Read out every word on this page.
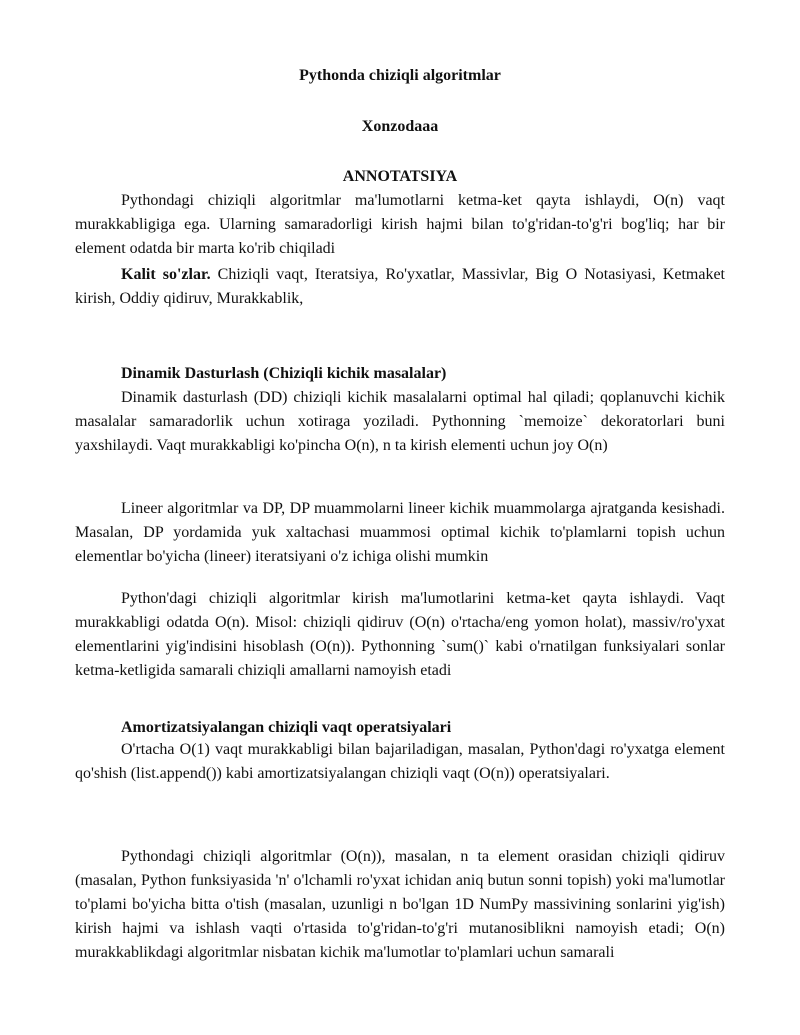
Pythonda chiziqli algoritmlar

Xonzodaaa

ANNOTATSIYA

Pythondagi chiziqli algoritmlar ma'lumotlarni ketma-ket qayta ishlaydi, O(n) vaqt murakkabligiga ega. Ularning samaradorligi kirish hajmi bilan to'g'ridan-to'g'ri bog'liq; har bir element odatda bir marta ko'rib chiqiladi

Kalit so'zlar. Chiziqli vaqt, Iteratsiya, Ro'yxatlar, Massivlar, Big O Notasiyasi, Ketmaket kirish, Oddiy qidiruv, Murakkablik,

Dinamik Dasturlash (Chiziqli kichik masalalar)

Dinamik dasturlash (DD) chiziqli kichik masalalarni optimal hal qiladi; qoplanuvchi kichik masalalar samaradorlik uchun xotiraga yoziladi. Pythonning `memoize` dekoratorlari buni yaxshilaydi. Vaqt murakkabligi ko'pincha O(n), n ta kirish elementi uchun joy O(n)

Lineer algoritmlar va DP, DP muammolarni lineer kichik muammolarga ajratganda kesishadi. Masalan, DP yordamida yuk xaltachasi muammosi optimal kichik to'plamlarni topish uchun elementlar bo'yicha (lineer) iteratsiyani o'z ichiga olishi mumkin

Python'dagi chiziqli algoritmlar kirish ma'lumotlarini ketma-ket qayta ishlaydi. Vaqt murakkabligi odatda O(n). Misol: chiziqli qidiruv (O(n) o'rtacha/eng yomon holat), massiv/ro'yxat elementlarini yig'indisini hisoblash (O(n)). Pythonning `sum()` kabi o'rnatilgan funksiyalari sonlar ketma-ketligida samarali chiziqli amallarni namoyish etadi

Amortizatsiyalangan chiziqli vaqt operatsiyalari

O'rtacha O(1) vaqt murakkabligi bilan bajariladigan, masalan, Python'dagi ro'yxatga element qo'shish (list.append()) kabi amortizatsiyalangan chiziqli vaqt (O(n)) operatsiyalari.

Pythondagi chiziqli algoritmlar (O(n)), masalan, n ta element orasidan chiziqli qidiruv (masalan, Python funksiyasida 'n' o'lchamli ro'yxat ichidan aniq butun sonni topish) yoki ma'lumotlar to'plami bo'yicha bitta o'tish (masalan, uzunligi n bo'lgan 1D NumPy massivining sonlarini yig'ish) kirish hajmi va ishlash vaqti o'rtasida to'g'ridan-to'g'ri mutanosiblikni namoyish etadi; O(n) murakkablikdagi algoritmlar nisbatan kichik ma'lumotlar to'plamlari uchun samarali
